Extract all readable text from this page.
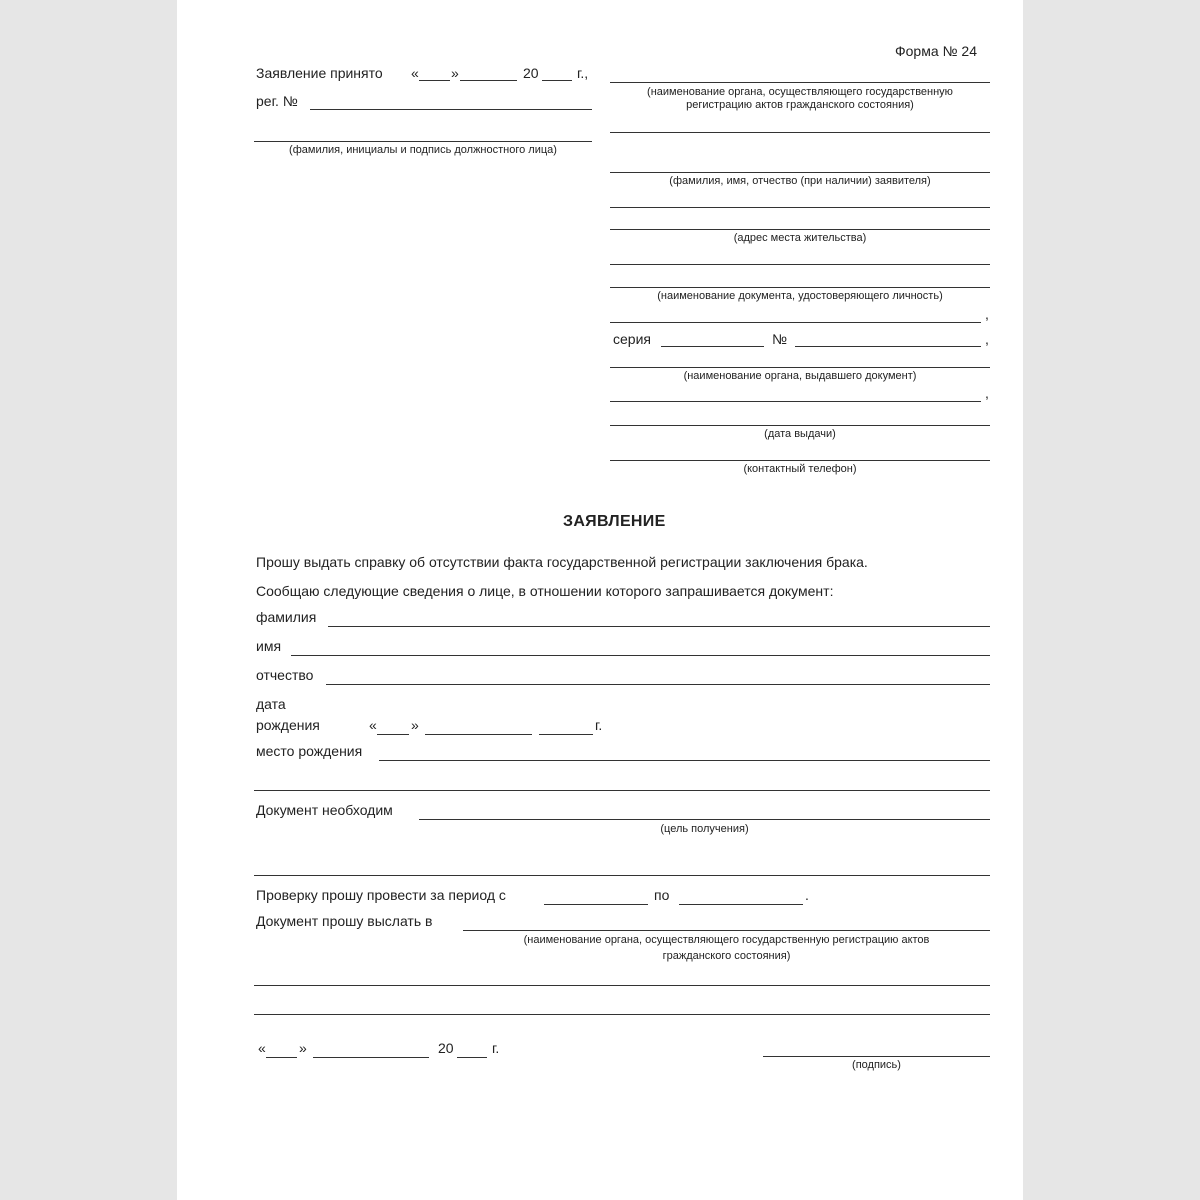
Форма № 24
Заявление принято « »	20	г.,
рег. №
(фамилия, инициалы и подпись должностного лица)
(наименование органа, осуществляющего государственную
регистрацию актов гражданского состояния)
(фамилия, имя, отчество (при наличии) заявителя)
(адрес места жительства)
(наименование документа, удостоверяющего личность)
,
серия	№	,
(наименование органа, выдавшего документ)
,
(дата выдачи)
(контактный телефон)
ЗАЯВЛЕНИЕ
Прошу выдать справку об отсутствии факта государственной регистрации заключения брака.
Сообщаю следующие сведения о лице, в отношении которого запрашивается документ:
фамилия
имя
отчество
дата
рождения	« »	г.
место рождения
Документ необходим
(цель получения)
Проверку прошу провести за период с	по	.
Документ прошу выслать в
(наименование органа, осуществляющего государственную регистрацию актов
гражданского состояния)
« »	20	г.
(подпись)
